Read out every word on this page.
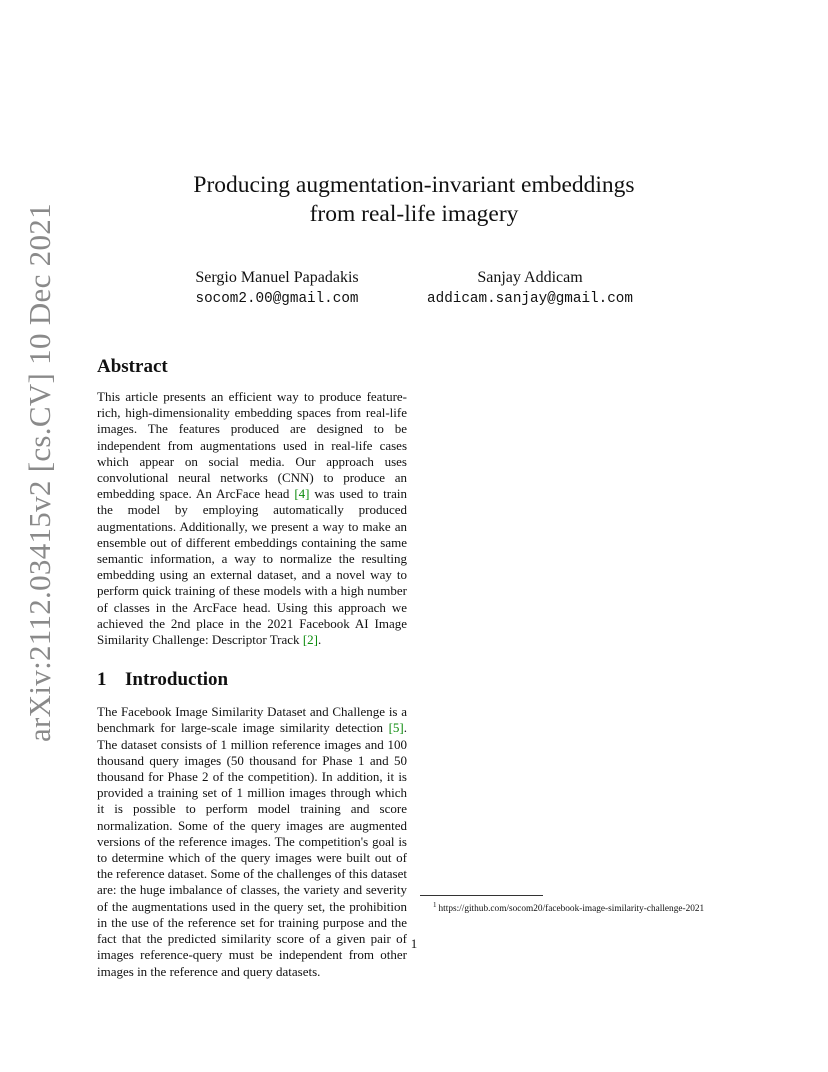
arXiv:2112.03415v2 [cs.CV] 10 Dec 2021
Producing augmentation-invariant embeddings
from real-life imagery
Sergio Manuel Papadakis
socom2.00@gmail.com
Sanjay Addicam
addicam.sanjay@gmail.com
Abstract

This article presents an efficient way to produce feature-rich, high-dimensionality embedding spaces from real-life images. The features produced are designed to be independent from augmentations used in real-life cases which appear on social media. Our approach uses convolutional neural networks (CNN) to produce an embedding space. An ArcFace head [4] was used to train the model by employing automatically produced augmentations. Additionally, we present a way to make an ensemble out of different embeddings containing the same semantic information, a way to normalize the resulting embedding using an external dataset, and a novel way to perform quick training of these models with a high number of classes in the ArcFace head. Using this approach we achieved the 2nd place in the 2021 Facebook AI Image Similarity Challenge: Descriptor Track [2].

1 Introduction

The Facebook Image Similarity Dataset and Challenge is a benchmark for large-scale image similarity detection [5]. The dataset consists of 1 million reference images and 100 thousand query images (50 thousand for Phase 1 and 50 thousand for Phase 2 of the competition). In addition, it is provided a training set of 1 million images through which it is possible to perform model training and score normalization. Some of the query images are augmented versions of the reference images. The competition's goal is to determine which of the query images were built out of the reference dataset. Some of the challenges of this dataset are: the huge imbalance of classes, the variety and severity of the augmentations used in the query set, the prohibition in the use of the reference set for training purpose and the fact that the predicted similarity score of a given pair of images reference-query must be independent from other images in the reference and query datasets.

$^1$ https://github.com/socom20/facebook-image-similarity-challenge-2021
1
